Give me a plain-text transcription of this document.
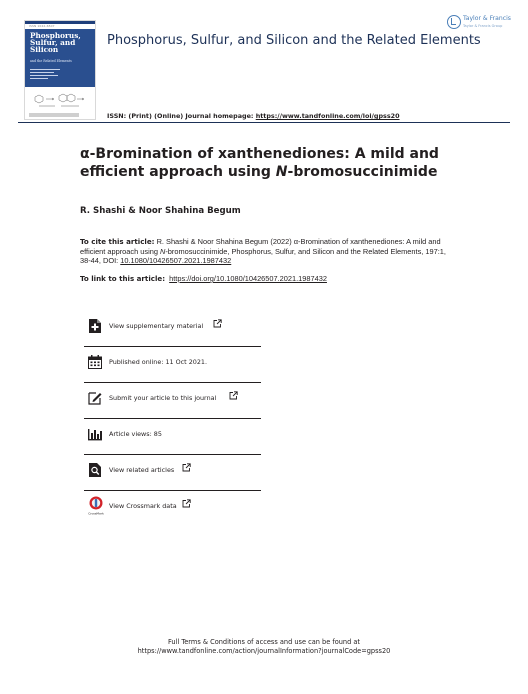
ISSN 1042-6507
Phosphorus, Sulfur, and Silicon
and the Related Elements
Phosphorus, Sulfur, and Silicon and the Related Elements
Taylor & Francis
Taylor & Francis Group
ISSN: (Print) (Online) Journal homepage: https://www.tandfonline.com/loi/gpss20
α-Bromination of xanthenediones: A mild and efficient approach using N-bromosuccinimide
R. Shashi & Noor Shahina Begum
To cite this article: R. Shashi & Noor Shahina Begum (2022) α-Bromination of xanthenediones: A mild and efficient approach using N-bromosuccinimide, Phosphorus, Sulfur, and Silicon and the Related Elements, 197:1, 38-44, DOI: 10.1080/10426507.2021.1987432
To link to this article: https://doi.org/10.1080/10426507.2021.1987432
View supplementary material
Published online: 11 Oct 2021.
Submit your article to this journal
Article views: 85
View related articles
CrossMark
View Crossmark data
Full Terms & Conditions of access and use can be found at
https://www.tandfonline.com/action/journalInformation?journalCode=gpss20
